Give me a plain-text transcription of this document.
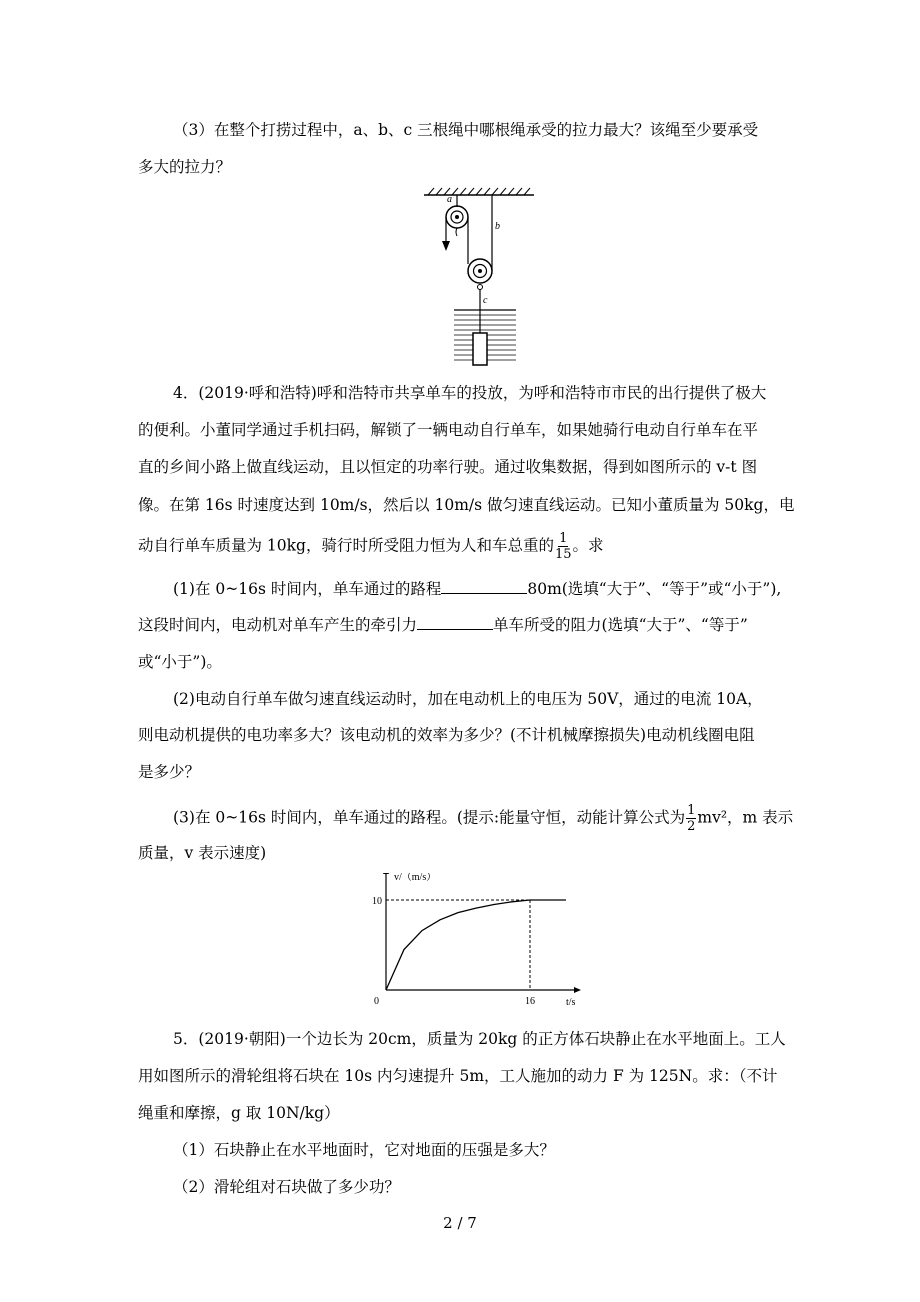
（3）在整个打捞过程中，a、b、c 三根绳中哪根绳承受的拉力最大？该绳至少要承受
多大的拉力？
a
b
c
4．(2019·呼和浩特)呼和浩特市共享单车的投放，为呼和浩特市市民的出行提供了极大
的便利。小董同学通过手机扫码，解锁了一辆电动自行单车，如果她骑行电动自行单车在平
直的乡间小路上做直线运动，且以恒定的功率行驶。通过收集数据，得到如图所示的 v-t 图
像。在第 16s 时速度达到 10m/s，然后以 10m/s 做匀速直线运动。已知小董质量为 50kg，电
动自行单车质量为 10kg，骑行时所受阻力恒为人和车总重的 $\frac{1}{15}$ 。求
(1)在 0~16s 时间内，单车通过的路程	80m(选填“大于”、“等于”或“小于”),
这段时间内，电动机对单车产生的牵引力	单车所受的阻力(选填“大于”、“等于”
或“小于”)。
(2)电动自行单车做匀速直线运动时，加在电动机上的电压为 50V，通过的电流 10A，
则电动机提供的电功率多大？该电动机的效率为多少？(不计机械摩擦损失)电动机线圈电阻
是多少？
(3)在 0~16s 时间内，单车通过的路程。(提示:能量守恒，动能计算公式为 $\frac{1}{2} mv^2$，m 表示
质量，v 表示速度)
v/（m/s）
t/s
10
0	16
5．(2019·朝阳)一个边长为 20cm，质量为 20kg 的正方体石块静止在水平地面上。工人
用如图所示的滑轮组将石块在 10s 内匀速提升 5m，工人施加的动力 F 为 125N。求：（不计
绳重和摩擦，g 取 10N/kg）
（1）石块静止在水平地面时，它对地面的压强是多大？
（2）滑轮组对石块做了多少功？
2 / 7
